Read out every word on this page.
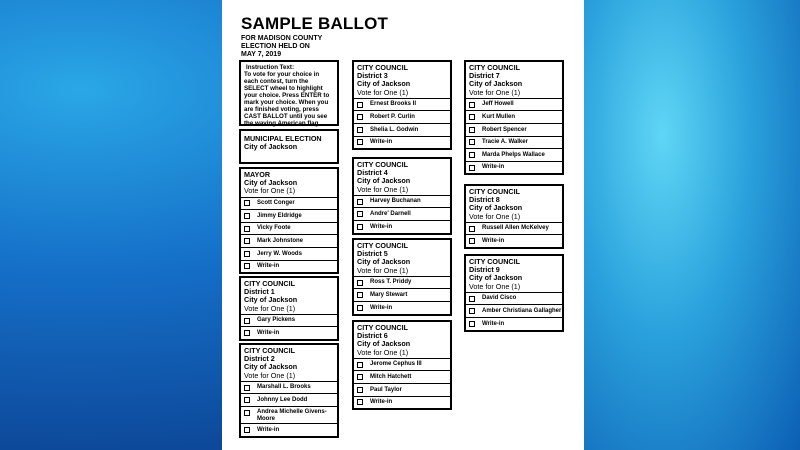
SAMPLE BALLOT
FOR MADISON COUNTY
ELECTION HELD ON
MAY 7, 2019
Instruction Text:
To vote for your choice in each contest, turn the SELECT wheel to highlight your choice. Press ENTER to mark your choice. When you are finished voting, press CAST BALLOT until you see the waving American flag.
MUNICIPAL ELECTION
City of Jackson
MAYOR
City of Jackson
Vote for One (1)
Scott Conger
Jimmy Eldridge
Vicky Foote
Mark Johnstone
Jerry W. Woods
Write-in
CITY COUNCIL
District 1
City of Jackson
Vote for One (1)
Gary Pickens
Write-in
CITY COUNCIL
District 2
City of Jackson
Vote for One (1)
Marshall L. Brooks
Johnny Lee Dodd
Andrea Michelle Givens-Moore
Write-in
CITY COUNCIL
District 3
City of Jackson
Vote for One (1)
Ernest Brooks II
Robert P. Curlin
Shelia L. Godwin
Write-in
CITY COUNCIL
District 4
City of Jackson
Vote for One (1)
Harvey Buchanan
Andre' Darnell
Write-in
CITY COUNCIL
District 5
City of Jackson
Vote for One (1)
Ross T. Priddy
Mary Stewart
Write-in
CITY COUNCIL
District 6
City of Jackson
Vote for One (1)
Jerome Cephus III
Mitch Hatchett
Paul Taylor
Write-in
CITY COUNCIL
District 7
City of Jackson
Vote for One (1)
Jeff Howell
Kurt Mullen
Robert Spencer
Tracie A. Walker
Marda Phelps Wallace
Write-in
CITY COUNCIL
District 8
City of Jackson
Vote for One (1)
Russell Allen McKelvey
Write-in
CITY COUNCIL
District 9
City of Jackson
Vote for One (1)
David Cisco
Amber Christiana Gallagher
Write-in
